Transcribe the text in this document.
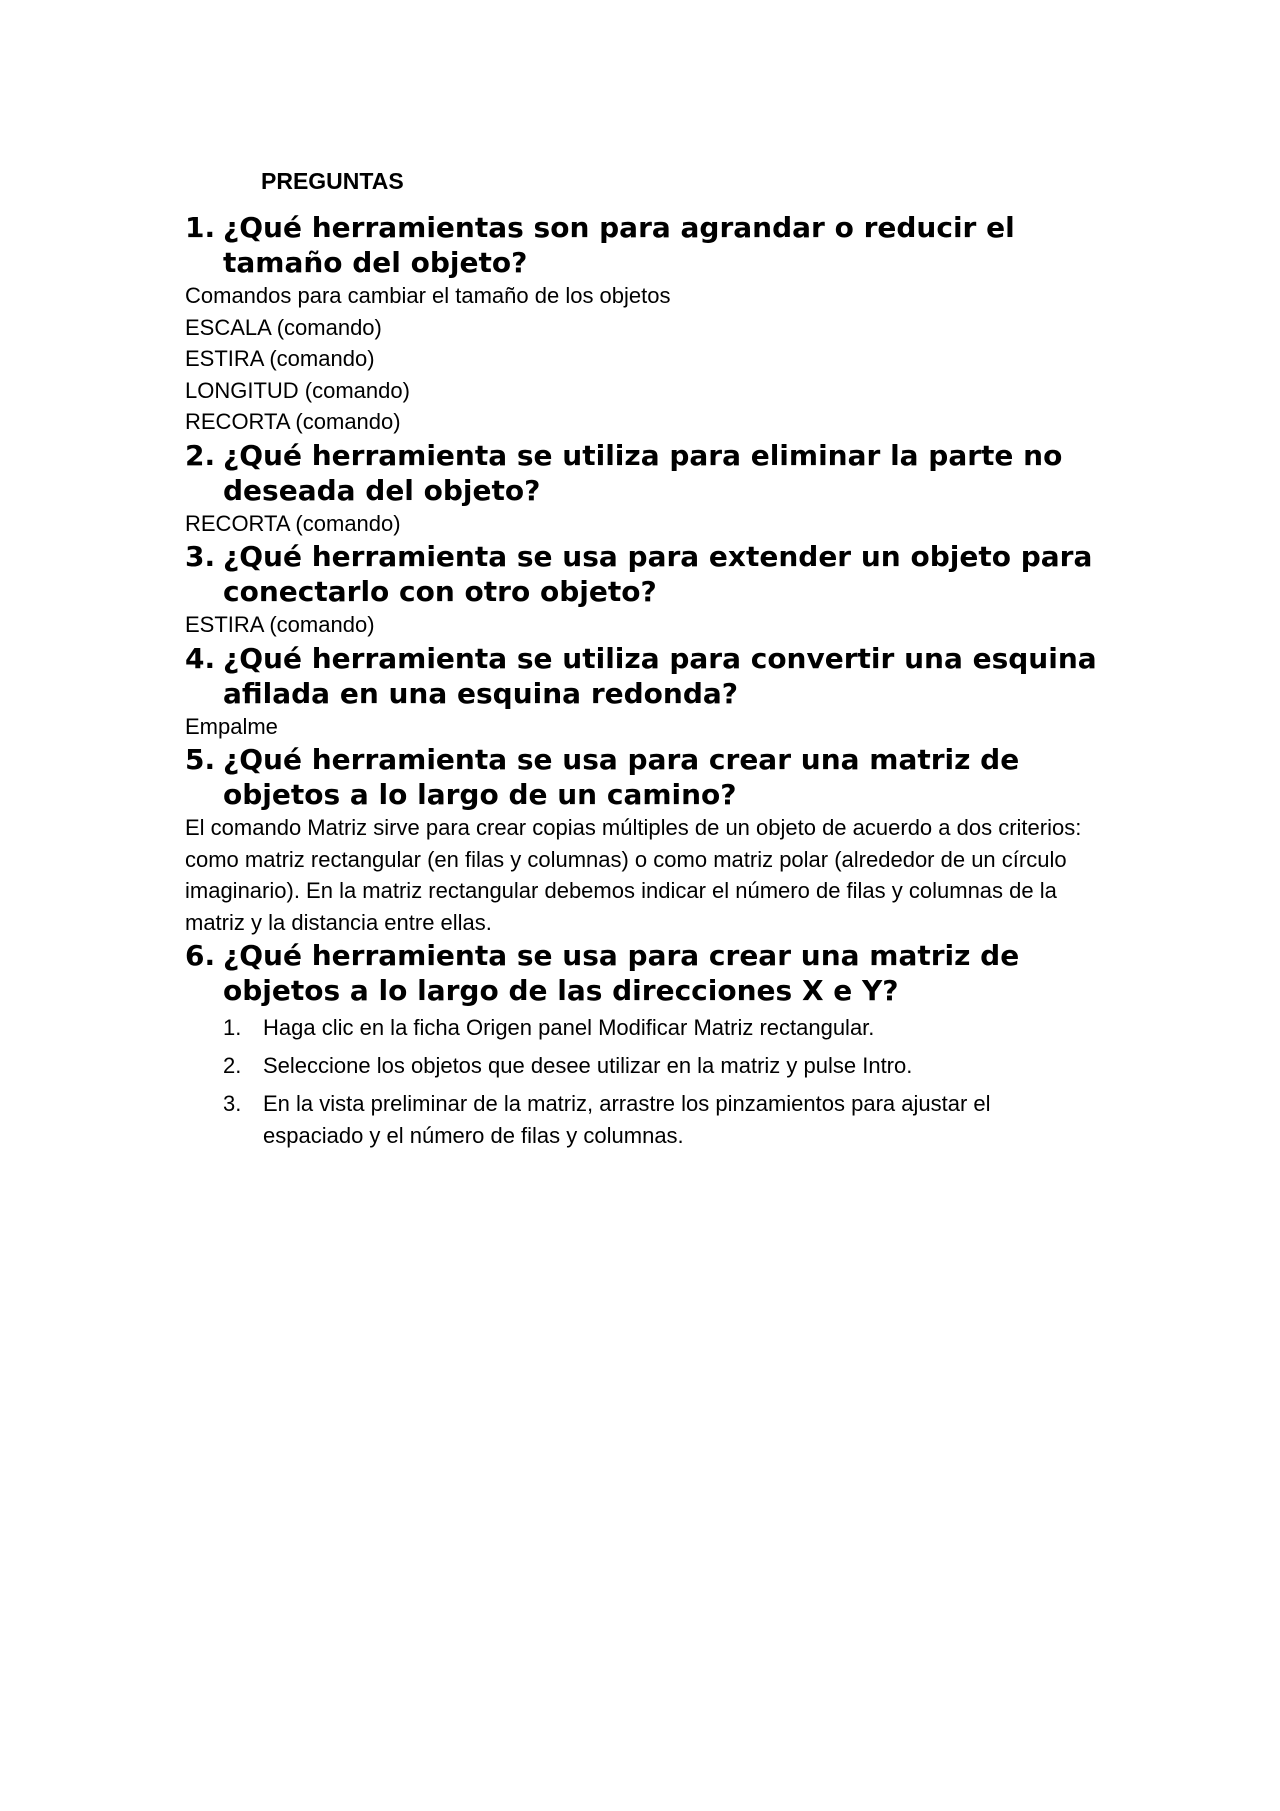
PREGUNTAS
1. ¿Qué herramientas son para agrandar o reducir el tamaño del objeto?

Comandos para cambiar el tamaño de los objetos

ESCALA (comando)

ESTIRA (comando)

LONGITUD (comando)

RECORTA (comando)

2. ¿Qué herramienta se utiliza para eliminar la parte no deseada del objeto?

RECORTA (comando)

3. ¿Qué herramienta se usa para extender un objeto para conectarlo con otro objeto?

ESTIRA (comando)

4. ¿Qué herramienta se utiliza para convertir una esquina afilada en una esquina redonda?

Empalme

5. ¿Qué herramienta se usa para crear una matriz de objetos a lo largo de un camino?

El comando Matriz sirve para crear copias múltiples de un objeto de acuerdo a dos criterios: como matriz rectangular (en filas y columnas) o como matriz polar (alrededor de un círculo imaginario). En la matriz rectangular debemos indicar el número de filas y columnas de la matriz y la distancia entre ellas.

6. ¿Qué herramienta se usa para crear una matriz de objetos a lo largo de las direcciones X e Y?
1. Haga clic en la ficha Origen panel Modificar Matriz rectangular.
2. Seleccione los objetos que desee utilizar en la matriz y pulse Intro.
3. En la vista preliminar de la matriz, arrastre los pinzamientos para ajustar el espaciado y el número de filas y columnas.
